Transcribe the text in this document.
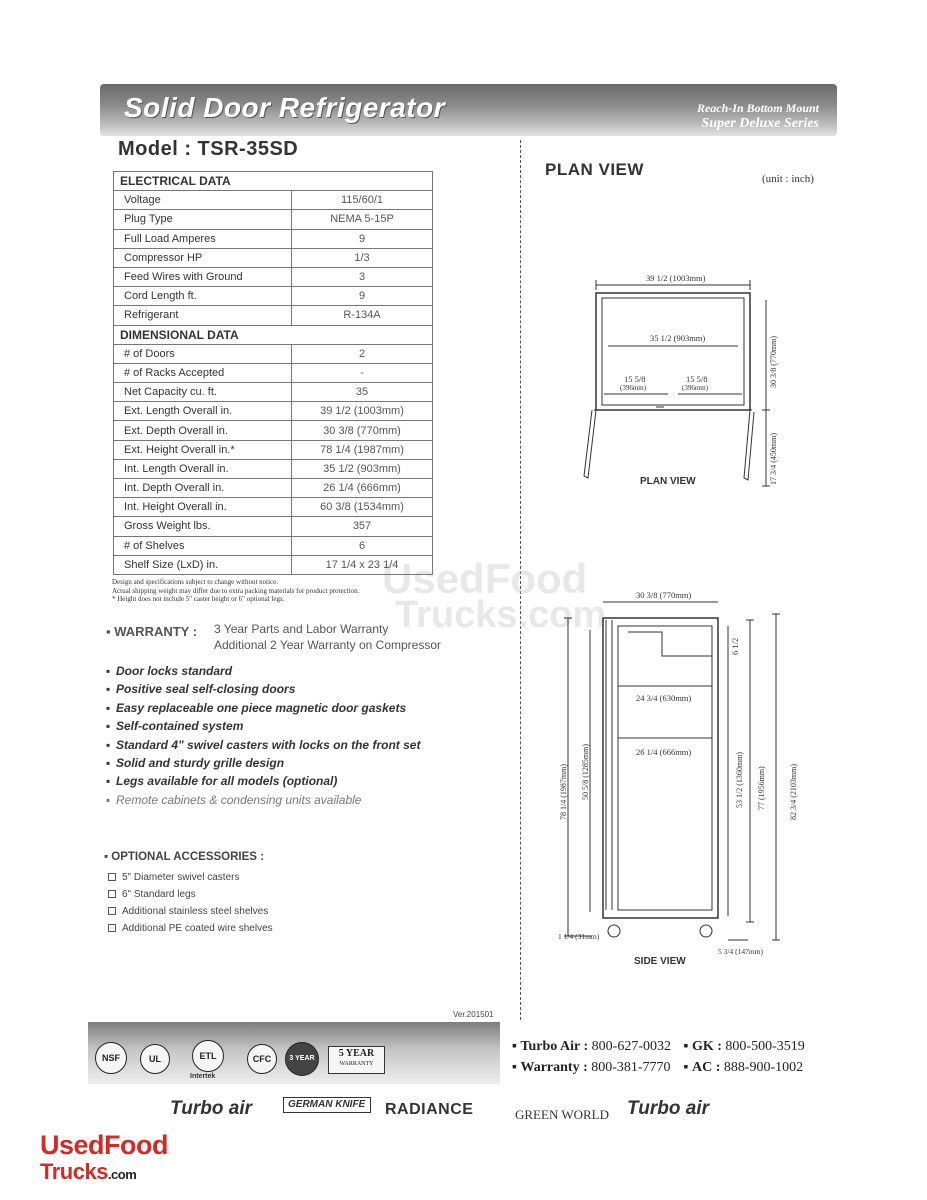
Solid Door Refrigerator	Reach-In Bottom Mount
Super Deluxe Series
Model : TSR-35SD
UsedFood
Trucks.com
ELECTRICAL DATA	
Voltage	115/60/1
Plug Type	NEMA 5-15P
Full Load Amperes	9
Compressor HP	1/3
Feed Wires with Ground	3
Cord Length ft.	9
Refrigerant	R-134A
DIMENSIONAL DATA	
# of Doors	2
# of Racks Accepted	-
Net Capacity cu. ft.	35
Ext. Length Overall in.	39 1/2 (1003mm)
Ext. Depth Overall in.	30 3/8 (770mm)
Ext. Height Overall in.*	78 1/4 (1987mm)
Int. Length Overall in.	35 1/2 (903mm)
Int. Depth Overall in.	26 1/4 (666mm)
Int. Height Overall in.	60 3/8 (1534mm)
Gross Weight lbs.	357
# of Shelves	6
Shelf Size (LxD) in.	17 1/4 x 23 1/4
Design and specifications subject to change without notice.
Actual shipping weight may differ due to extra packing materials for product protection.
* Height does not include 5" caster height or 6" optional legs.
▪ WARRANTY : 3 Year Parts and Labor Warranty
Additional 2 Year Warranty on Compressor
▪ Door locks standard
▪ Positive seal self-closing doors
▪ Easy replaceable one piece magnetic door gaskets
▪ Self-contained system
▪ Standard 4" swivel casters with locks on the front set
▪ Solid and sturdy grille design
▪ Legs available for all models (optional)
▪ Remote cabinets & condensing units available
▪ OPTIONAL ACCESSORIES :
5" Diameter swivel casters
6" Standard legs
Additional stainless steel shelves
Additional PE coated wire shelves
PLAN VIEW	(unit : inch)
39 1/2 (1003mm)
35 1/2 (903mm)
15 5/8
(396mm)
15 5/8
(396mm)	30 3/8 (770mm)
17 3/4 (450mm)
PLAN VIEW
30 3/8 (770mm)
6 1/2
24 3/4 (630mm)
26 1/4 (666mm)
78 1/4 (1987mm) 50 5/8 (1285mm)	53 1/2 (1360mm) 77 (1956mm)	82 3/4 (2103mm)
1 1/4 (31mm)
5 3/4 (147mm)
SIDE VIEW
Ver.201501
NSF	UL	ETL
Intertek
CFC	3 YEAR	5 YEAR
WARRANTY
▪ Turbo Air : 800-627-0032 ▪ GK : 800-500-3519
▪ Warranty : 800-381-7770 ▪ AC : 888-900-1002
Turbo air	GERMAN KNIFE	RADIANCE	GREEN WORLD Turbo air
UsedFood
Trucks.com
